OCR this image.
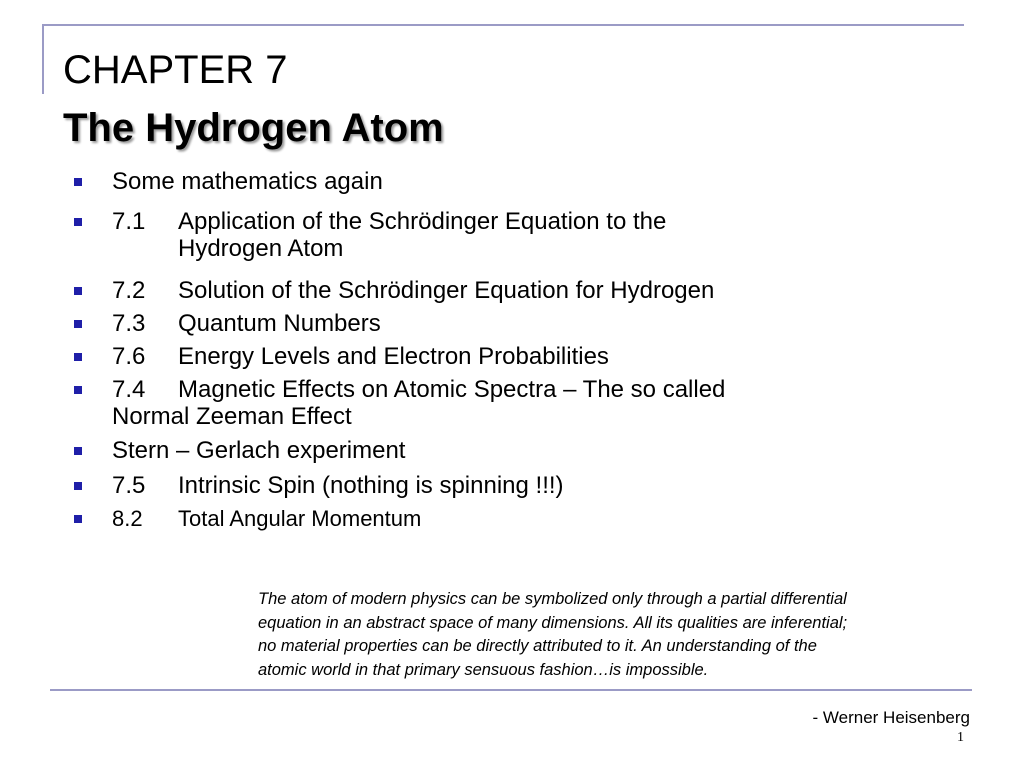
CHAPTER 7
The Hydrogen Atom
Some mathematics again
7.1 Application of the Schrödinger Equation to the
Hydrogen Atom
7.2 Solution of the Schrödinger Equation for Hydrogen
7.3 Quantum Numbers
7.6 Energy Levels and Electron Probabilities
7.4 Magnetic Effects on Atomic Spectra – The so called
Normal Zeeman Effect
Stern – Gerlach experiment
7.5 Intrinsic Spin (nothing is spinning !!!)
8.2 Total Angular Momentum
The atom of modern physics can be symbolized only through a partial differential
equation in an abstract space of many dimensions. All its qualities are inferential;
no material properties can be directly attributed to it. An understanding of the
atomic world in that primary sensuous fashion…is impossible.
- Werner Heisenberg
1
